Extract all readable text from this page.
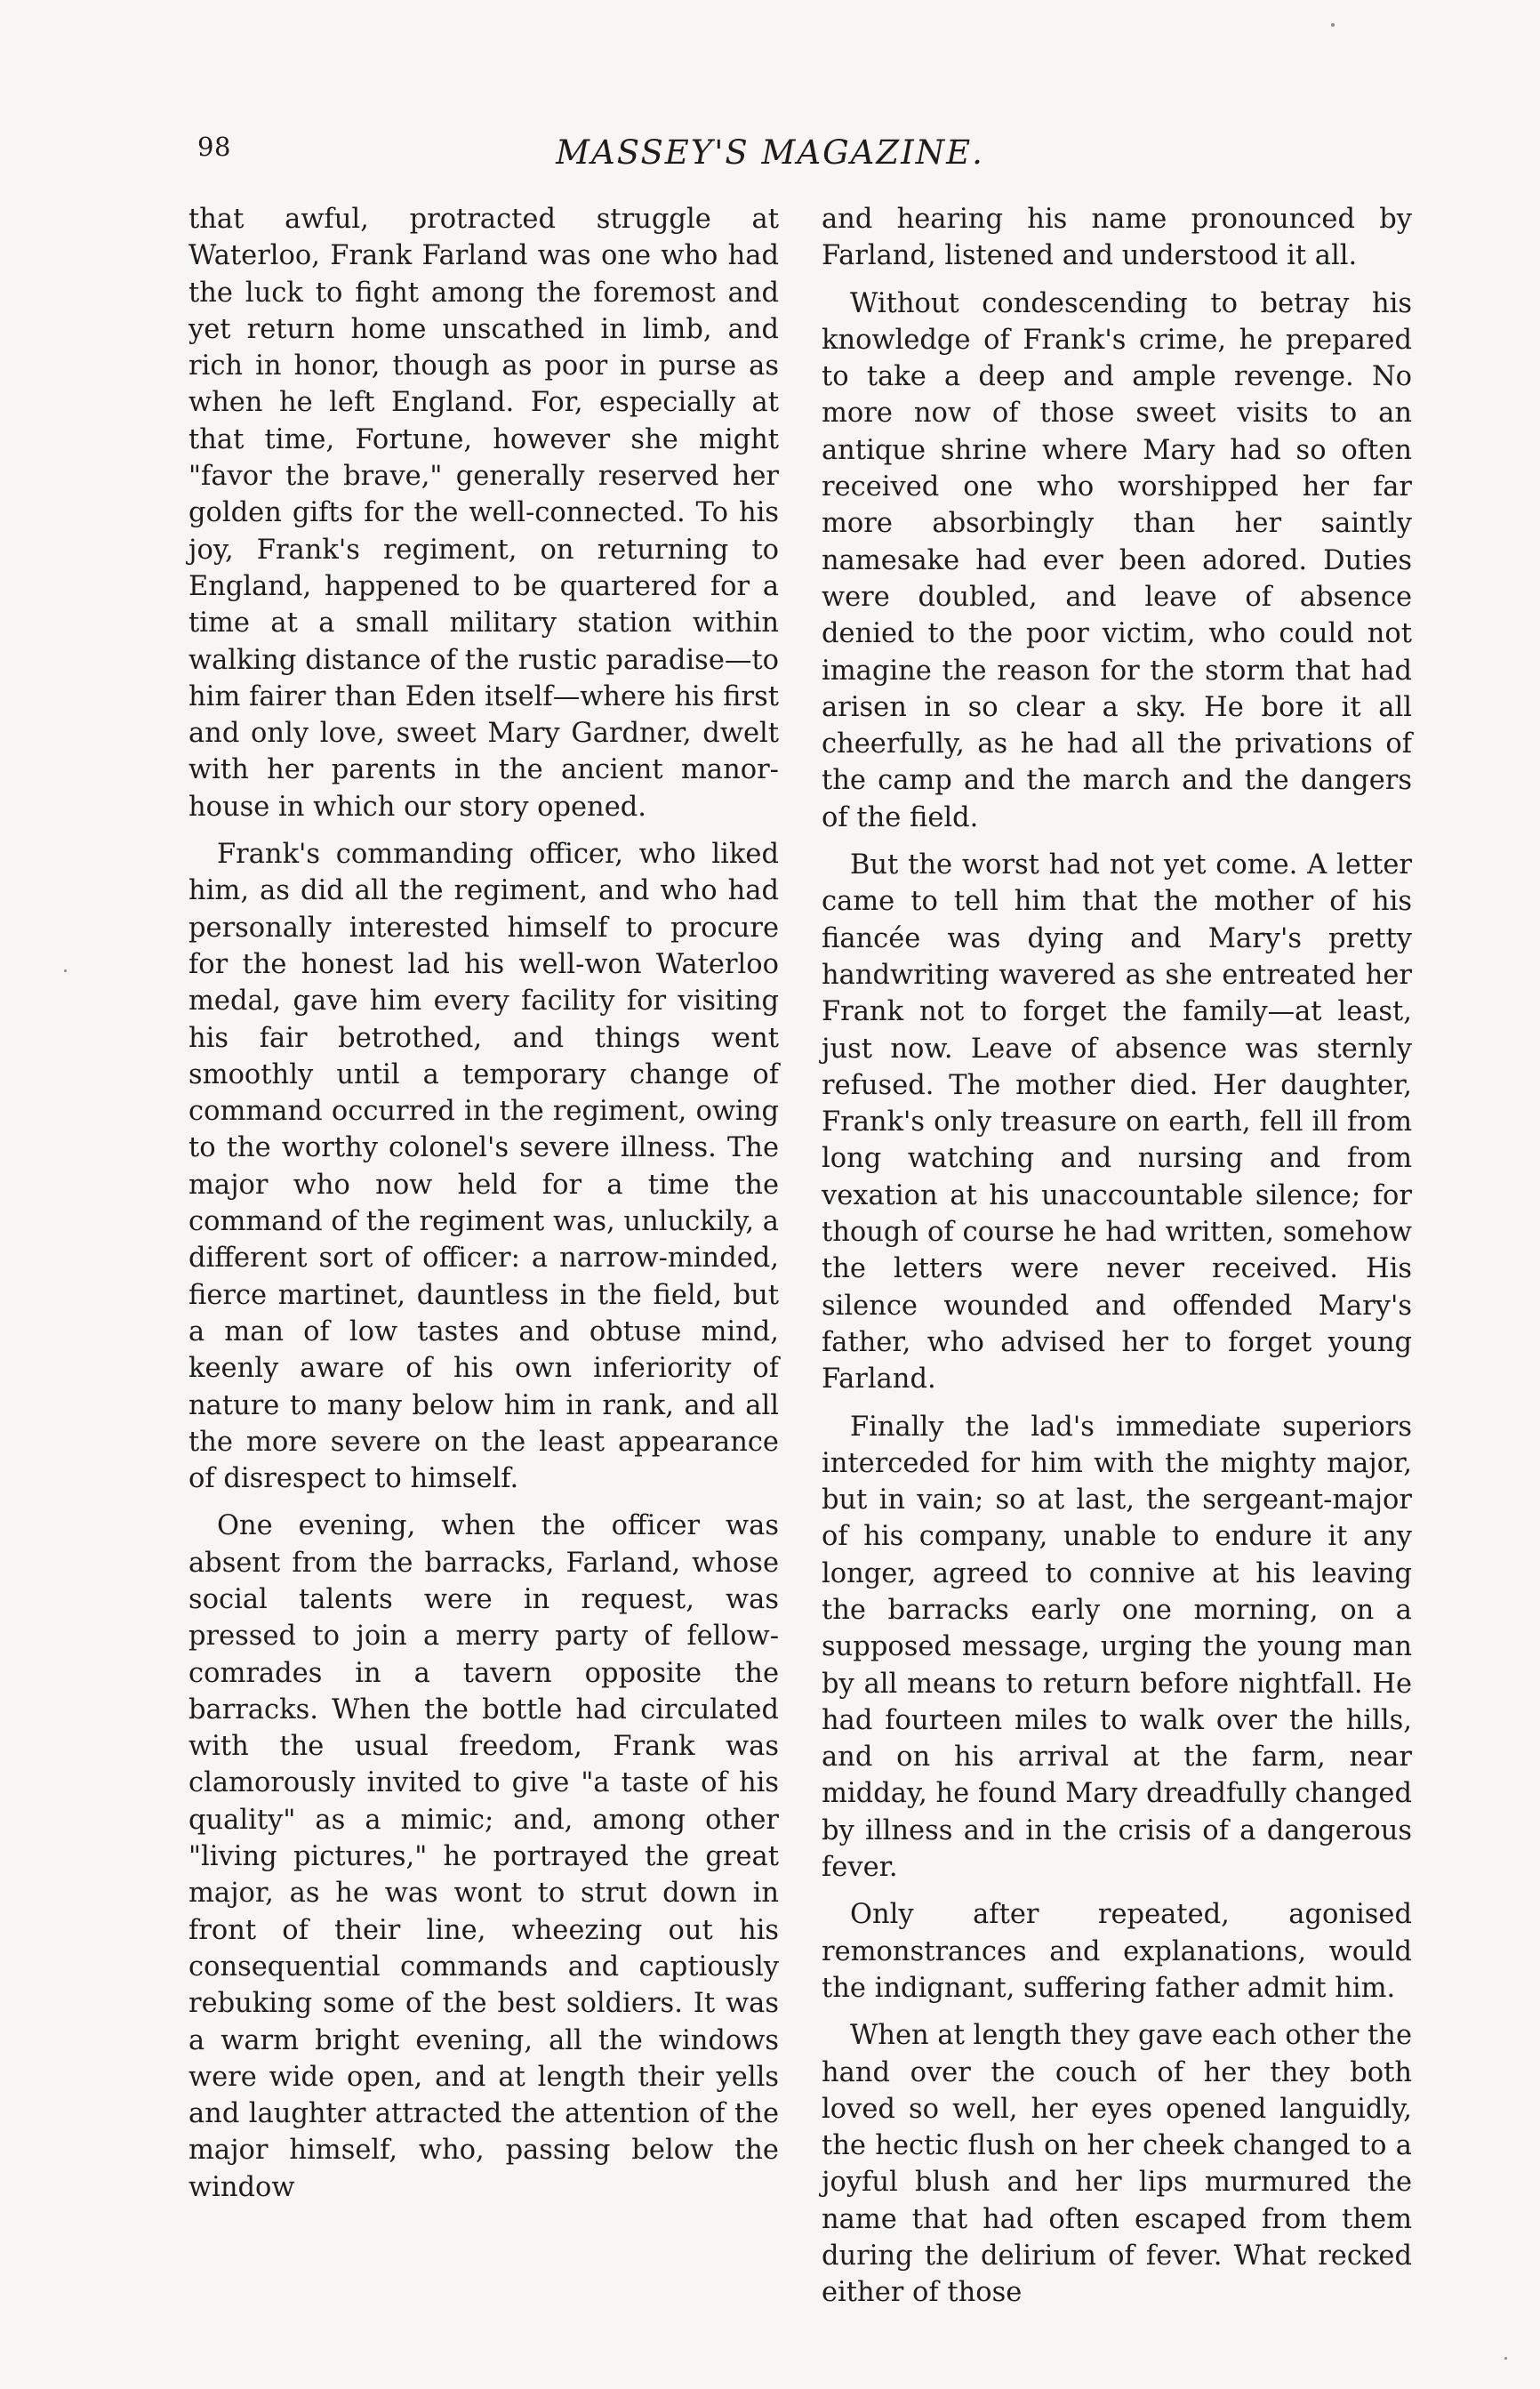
98	MASSEY'S MAGAZINE.

that awful, protracted struggle at Waterloo, Frank Farland was one who had the luck to fight among the foremost and yet return home unscathed in limb, and rich in honor, though as poor in purse as when he left England. For, especially at that time, Fortune, however she might "favor the brave," generally reserved her golden gifts for the well-connected. To his joy, Frank's regiment, on returning to England, happened to be quartered for a time at a small military station within walking distance of the rustic paradise—to him fairer than Eden itself—where his first and only love, sweet Mary Gardner, dwelt with her parents in the ancient manor-house in which our story opened.

Frank's commanding officer, who liked him, as did all the regiment, and who had personally interested himself to procure for the honest lad his well-won Waterloo medal, gave him every facility for visiting his fair betrothed, and things went smoothly until a temporary change of command occurred in the regiment, owing to the worthy colonel's severe illness. The major who now held for a time the command of the regiment was, unluckily, a different sort of officer: a narrow-minded, fierce martinet, dauntless in the field, but a man of low tastes and obtuse mind, keenly aware of his own inferiority of nature to many below him in rank, and all the more severe on the least appearance of disrespect to himself.

One evening, when the officer was absent from the barracks, Farland, whose social talents were in request, was pressed to join a merry party of fellow-comrades in a tavern opposite the barracks. When the bottle had circulated with the usual freedom, Frank was clamorously invited to give "a taste of his quality" as a mimic; and, among other "living pictures," he portrayed the great major, as he was wont to strut down in front of their line, wheezing out his consequential commands and captiously rebuking some of the best soldiers. It was a warm bright evening, all the windows were wide open, and at length their yells and laughter attracted the attention of the major himself, who, passing below the window

and hearing his name pronounced by Farland, listened and understood it all.

Without condescending to betray his knowledge of Frank's crime, he prepared to take a deep and ample revenge. No more now of those sweet visits to an antique shrine where Mary had so often received one who worshipped her far more absorbingly than her saintly namesake had ever been adored. Duties were doubled, and leave of absence denied to the poor victim, who could not imagine the reason for the storm that had arisen in so clear a sky. He bore it all cheerfully, as he had all the privations of the camp and the march and the dangers of the field.

But the worst had not yet come. A letter came to tell him that the mother of his fiancée was dying and Mary's pretty handwriting wavered as she entreated her Frank not to forget the family—at least, just now. Leave of absence was sternly refused. The mother died. Her daughter, Frank's only treasure on earth, fell ill from long watching and nursing and from vexation at his unaccountable silence; for though of course he had written, somehow the letters were never received. His silence wounded and offended Mary's father, who advised her to forget young Farland.

Finally the lad's immediate superiors interceded for him with the mighty major, but in vain; so at last, the sergeant-major of his company, unable to endure it any longer, agreed to connive at his leaving the barracks early one morning, on a supposed message, urging the young man by all means to return before nightfall. He had fourteen miles to walk over the hills, and on his arrival at the farm, near midday, he found Mary dreadfully changed by illness and in the crisis of a dangerous fever.

Only after repeated, agonised remonstrances and explanations, would the indignant, suffering father admit him.

When at length they gave each other the hand over the couch of her they both loved so well, her eyes opened languidly, the hectic flush on her cheek changed to a joyful blush and her lips murmured the name that had often escaped from them during the delirium of fever. What recked either of those
